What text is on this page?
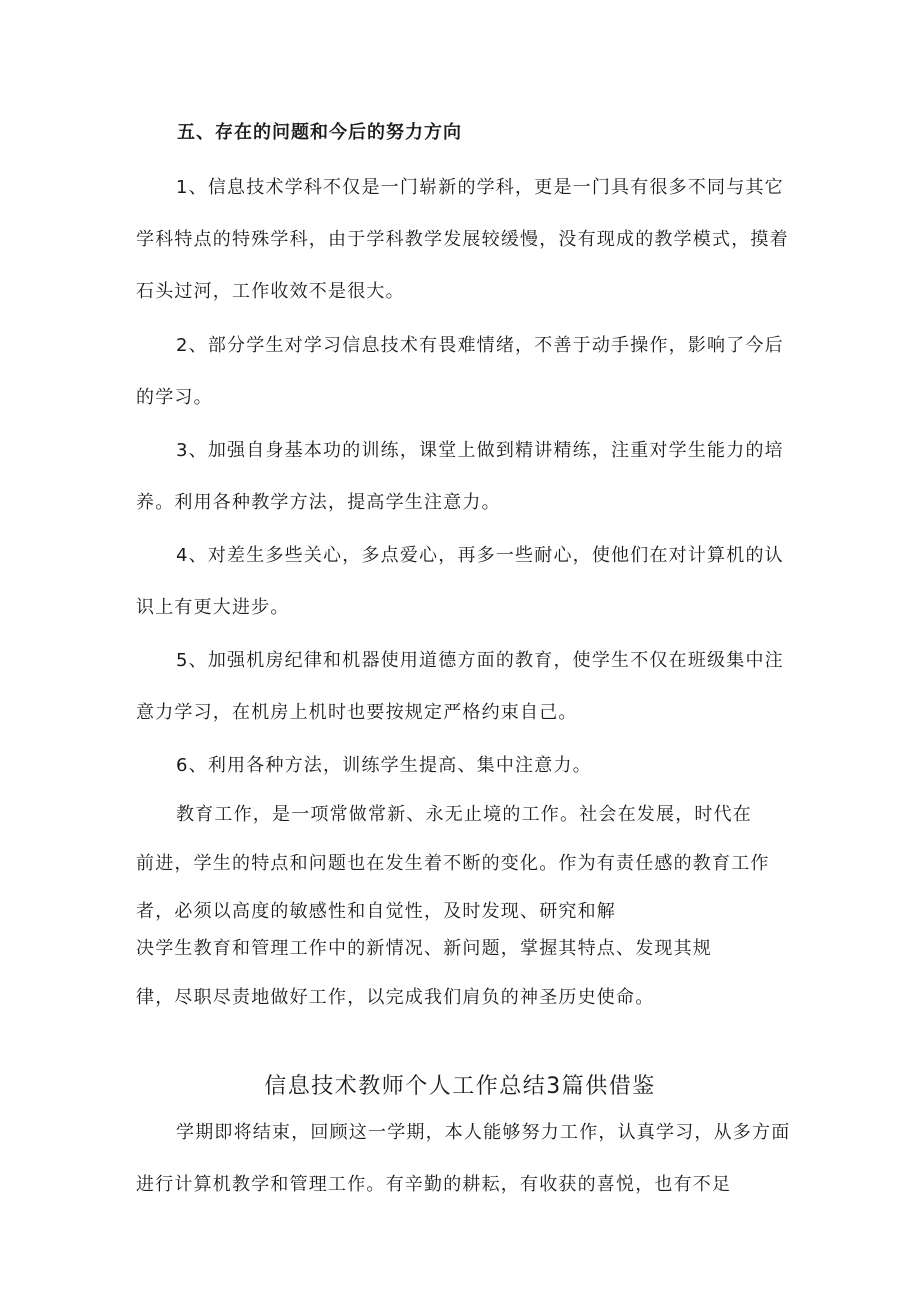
五、存在的问题和今后的努力方向

1、信息技术学科不仅是一门崭新的学科，更是一门具有很多不同与其它学科特点的特殊学科，由于学科教学发展较缓慢，没有现成的教学模式，摸着石头过河，工作收效不是很大。

2、部分学生对学习信息技术有畏难情绪，不善于动手操作，影响了今后的学习。

3、加强自身基本功的训练，课堂上做到精讲精练，注重对学生能力的培养。利用各种教学方法，提高学生注意力。

4、对差生多些关心，多点爱心，再多一些耐心，使他们在对计算机的认识上有更大进步。

5、加强机房纪律和机器使用道德方面的教育，使学生不仅在班级集中注意力学习，在机房上机时也要按规定严格约束自己。

6、利用各种方法，训练学生提高、集中注意力。

教育工作，是一项常做常新、永无止境的工作。社会在发展，时代在
前进，学生的特点和问题也在发生着不断的变化。作为有责任感的教育工作
者，必须以高度的敏感性和自觉性，及时发现、研究和解
决学生教育和管理工作中的新情况、新问题，掌握其特点、发现其规
律，尽职尽责地做好工作，以完成我们肩负的神圣历史使命。
信息技术教师个人工作总结3篇供借鉴

学期即将结束，回顾这一学期，本人能够努力工作，认真学习，从多方面进行计算机教学和管理工作。有辛勤的耕耘，有收获的喜悦，也有不足
